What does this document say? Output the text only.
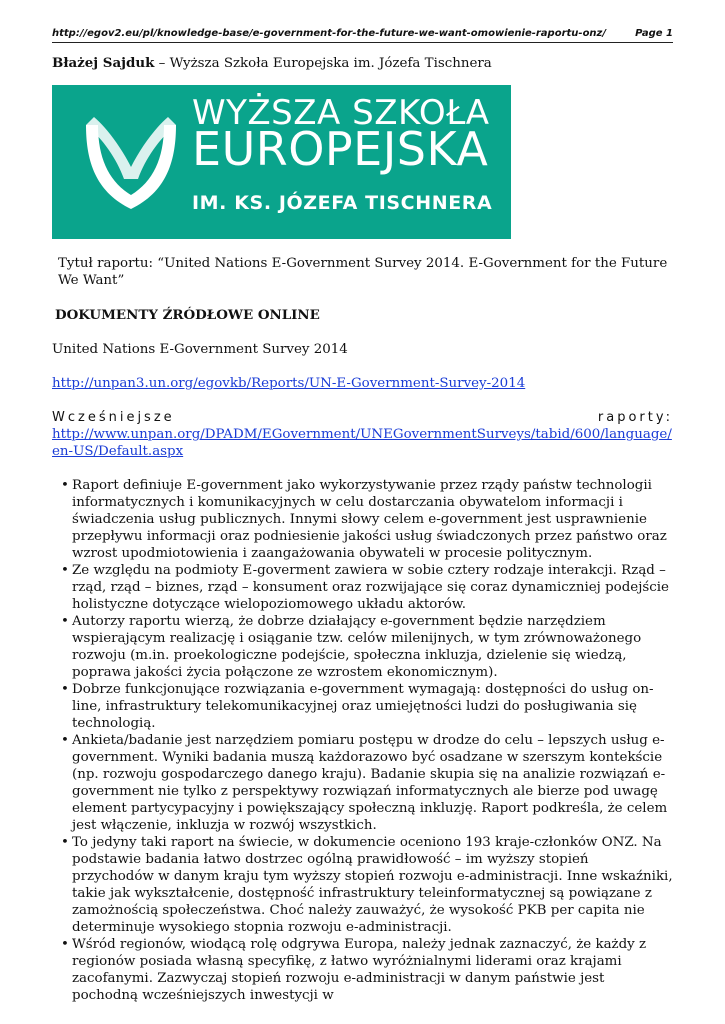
http://egov2.eu/pl/knowledge-base/e-government-for-the-future-we-want-omowienie-raportu-onz/	Page 1
Błażej Sajduk – Wyższa Szkoła Europejska im. Józefa Tischnera
WYŻSZA SZKOŁA
EUROPEJSKA
IM. KS. JÓZEFA TISCHNERA
Tytuł raportu: “United Nations E-Government Survey 2014. E-Government for the Future We Want”
DOKUMENTY ŹRÓDŁOWE ONLINE

United Nations E-Government Survey 2014

http://unpan3.un.org/egovkb/Reports/UN-E-Government-Survey-2014

Wcześniejsze	raporty:
http://www.unpan.org/DPADM/EGovernment/UNEGovernmentSurveys/tabid/600/language/en-US/Default.aspx
• Raport definiuje E-government jako wykorzystywanie przez rządy państw technologii informatycznych i komunikacyjnych w celu dostarczania obywatelom informacji i świadczenia usług publicznych. Innymi słowy celem e-government jest usprawnienie przepływu informacji oraz podniesienie jakości usług świadczonych przez państwo oraz wzrost upodmiotowienia i zaangażowania obywateli w procesie politycznym.
• Ze względu na podmioty E-goverment zawiera w sobie cztery rodzaje interakcji. Rząd – rząd, rząd – biznes, rząd – konsument oraz rozwijające się coraz dynamiczniej podejście holistyczne dotyczące wielopoziomowego układu aktorów.
• Autorzy raportu wierzą, że dobrze działający e-government będzie narzędziem wspierającym realizację i osiąganie tzw. celów milenijnych, w tym zrównoważonego rozwoju (m.in. proekologiczne podejście, społeczna inkluzja, dzielenie się wiedzą, poprawa jakości życia połączone ze wzrostem ekonomicznym).
• Dobrze funkcjonujące rozwiązania e-government wymagają: dostępności do usług on-line, infrastruktury telekomunikacyjnej oraz umiejętności ludzi do posługiwania się technologią.
• Ankieta/badanie jest narzędziem pomiaru postępu w drodze do celu – lepszych usług e-government. Wyniki badania muszą każdorazowo być osadzane w szerszym kontekście (np. rozwoju gospodarczego danego kraju). Badanie skupia się na analizie rozwiązań e-government nie tylko z perspektywy rozwiązań informatycznych ale bierze pod uwagę element partycypacyjny i powiększający społeczną inkluzję. Raport podkreśla, że celem jest włączenie, inkluzja w rozwój wszystkich.
• To jedyny taki raport na świecie, w dokumencie oceniono 193 kraje-członków ONZ. Na podstawie badania łatwo dostrzec ogólną prawidłowość – im wyższy stopień przychodów w danym kraju tym wyższy stopień rozwoju e-administracji. Inne wskaźniki, takie jak wykształcenie, dostępność infrastruktury teleinformatycznej są powiązane z zamożnością społeczeństwa. Choć należy zauważyć, że wysokość PKB per capita nie determinuje wysokiego stopnia rozwoju e-administracji.
• Wśród regionów, wiodącą rolę odgrywa Europa, należy jednak zaznaczyć, że każdy z regionów posiada własną specyfikę, z łatwo wyróżnialnymi liderami oraz krajami zacofanymi. Zazwyczaj stopień rozwoju e-administracji w danym państwie jest pochodną wcześniejszych inwestycji w
